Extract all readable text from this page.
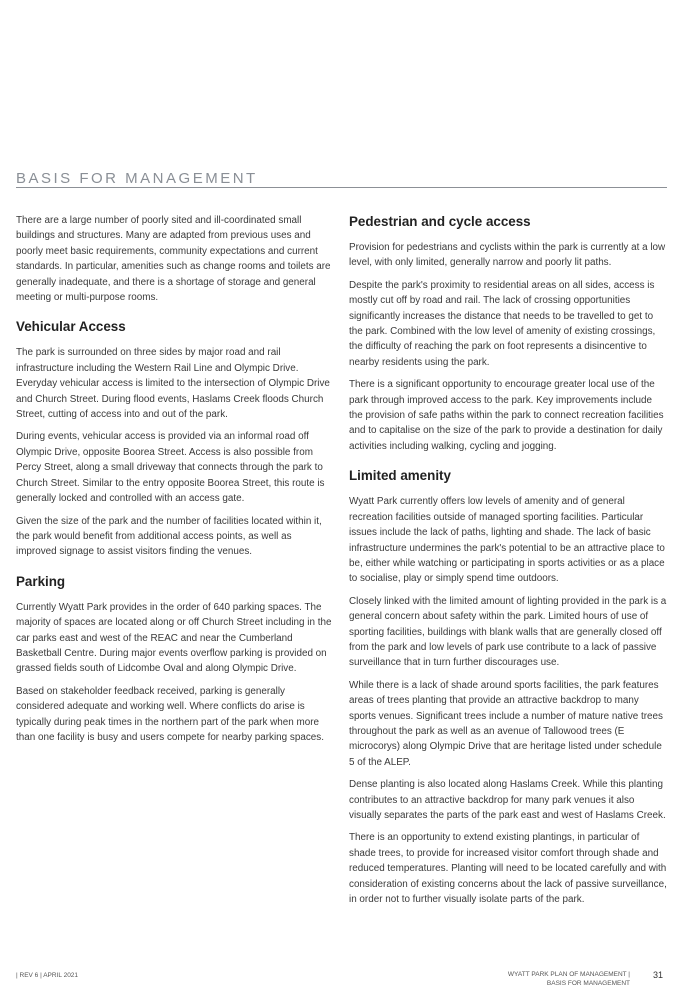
BASIS FOR MANAGEMENT

There are a large number of poorly sited and ill-coordinated small buildings and structures. Many are adapted from previous uses and poorly meet basic requirements, community expectations and current standards. In particular, amenities such as change rooms and toilets are generally inadequate, and there is a shortage of storage and general meeting or multi-purpose rooms.

Vehicular Access

The park is surrounded on three sides by major road and rail infrastructure including the Western Rail Line and Olympic Drive. Everyday vehicular access is limited to the intersection of Olympic Drive and Church Street. During flood events, Haslams Creek floods Church Street, cutting of access into and out of the park.

During events, vehicular access is provided via an informal road off Olympic Drive, opposite Boorea Street. Access is also possible from Percy Street, along a small driveway that connects through the park to Church Street. Similar to the entry opposite Boorea Street, this route is generally locked and controlled with an access gate.

Given the size of the park and the number of facilities located within it, the park would benefit from additional access points, as well as improved signage to assist visitors finding the venues.

Parking

Currently Wyatt Park provides in the order of 640 parking spaces. The majority of spaces are located along or off Church Street including in the car parks east and west of the REAC and near the Cumberland Basketball Centre. During major events overflow parking is provided on grassed fields south of Lidcombe Oval and along Olympic Drive.

Based on stakeholder feedback received, parking is generally considered adequate and working well. Where conflicts do arise is typically during peak times in the northern part of the park when more than one facility is busy and users compete for nearby parking spaces.

Pedestrian and cycle access

Provision for pedestrians and cyclists within the park is currently at a low level, with only limited, generally narrow and poorly lit paths.

Despite the park's proximity to residential areas on all sides, access is mostly cut off by road and rail. The lack of crossing opportunities significantly increases the distance that needs to be travelled to get to the park. Combined with the low level of amenity of existing crossings, the difficulty of reaching the park on foot represents a disincentive to nearby residents using the park.

There is a significant opportunity to encourage greater local use of the park through improved access to the park. Key improvements include the provision of safe paths within the park to connect recreation facilities and to capitalise on the size of the park to provide a destination for daily activities including walking, cycling and jogging.

Limited amenity

Wyatt Park currently offers low levels of amenity and of general recreation facilities outside of managed sporting facilities. Particular issues include the lack of paths, lighting and shade. The lack of basic infrastructure undermines the park's potential to be an attractive place to be, either while watching or participating in sports activities or as a place to socialise, play or simply spend time outdoors.

Closely linked with the limited amount of lighting provided in the park is a general concern about safety within the park. Limited hours of use of sporting facilities, buildings with blank walls that are generally closed off from the park and low levels of park use contribute to a lack of passive surveillance that in turn further discourages use.

While there is a lack of shade around sports facilities, the park features areas of trees planting that provide an attractive backdrop to many sports venues. Significant trees include a number of mature native trees throughout the park as well as an avenue of Tallowood trees (E microcorys) along Olympic Drive that are heritage listed under schedule 5 of the ALEP.

Dense planting is also located along Haslams Creek. While this planting contributes to an attractive backdrop for many park venues it also visually separates the parts of the park east and west of Haslams Creek.

There is an opportunity to extend existing plantings, in particular of shade trees, to provide for increased visitor comfort through shade and reduced temperatures. Planting will need to be located carefully and with consideration of existing concerns about the lack of passive surveillance, in order not to further visually isolate parts of the park.

| REV 6 | APRIL 2021	WYATT PARK PLAN OF MANAGEMENT |
BASIS FOR MANAGEMENT
31
